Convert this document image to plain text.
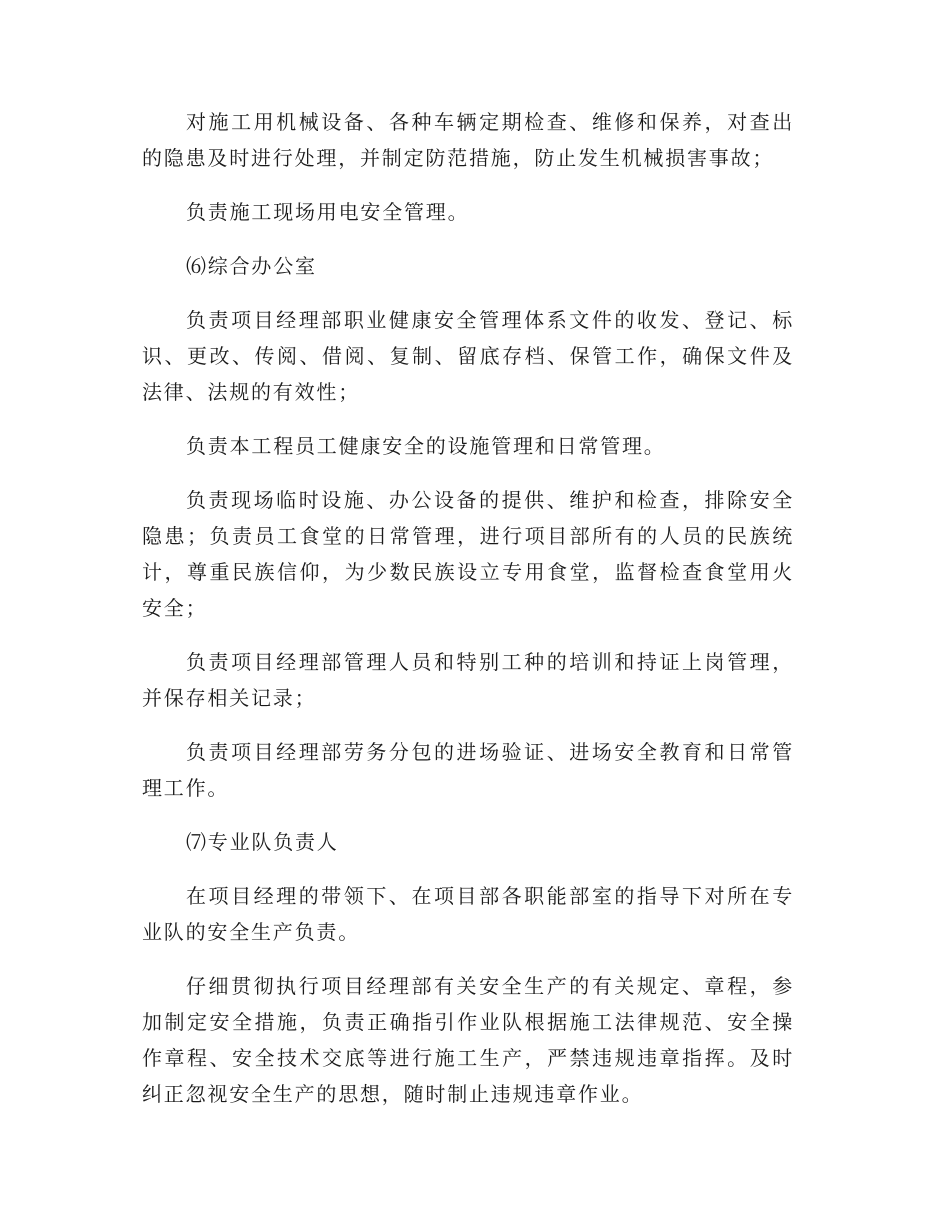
对施工用机械设备、各种车辆定期检查、维修和保养，对查出的隐患及时进行处理，并制定防范措施，防止发生机械损害事故；

负责施工现场用电安全管理。

⑹综合办公室

负责项目经理部职业健康安全管理体系文件的收发、登记、标识、更改、传阅、借阅、复制、留底存档、保管工作，确保文件及法律、法规的有效性；

负责本工程员工健康安全的设施管理和日常管理。

负责现场临时设施、办公设备的提供、维护和检查，排除安全隐患；负责员工食堂的日常管理，进行项目部所有的人员的民族统计，尊重民族信仰，为少数民族设立专用食堂，监督检查食堂用火安全；

负责项目经理部管理人员和特别工种的培训和持证上岗管理，并保存相关记录；

负责项目经理部劳务分包的进场验证、进场安全教育和日常管理工作。

⑺专业队负责人

在项目经理的带领下、在项目部各职能部室的指导下对所在专业队的安全生产负责。

仔细贯彻执行项目经理部有关安全生产的有关规定、章程，参加制定安全措施，负责正确指引作业队根据施工法律规范、安全操作章程、安全技术交底等进行施工生产，严禁违规违章指挥。及时纠正忽视安全生产的思想，随时制止违规违章作业。
